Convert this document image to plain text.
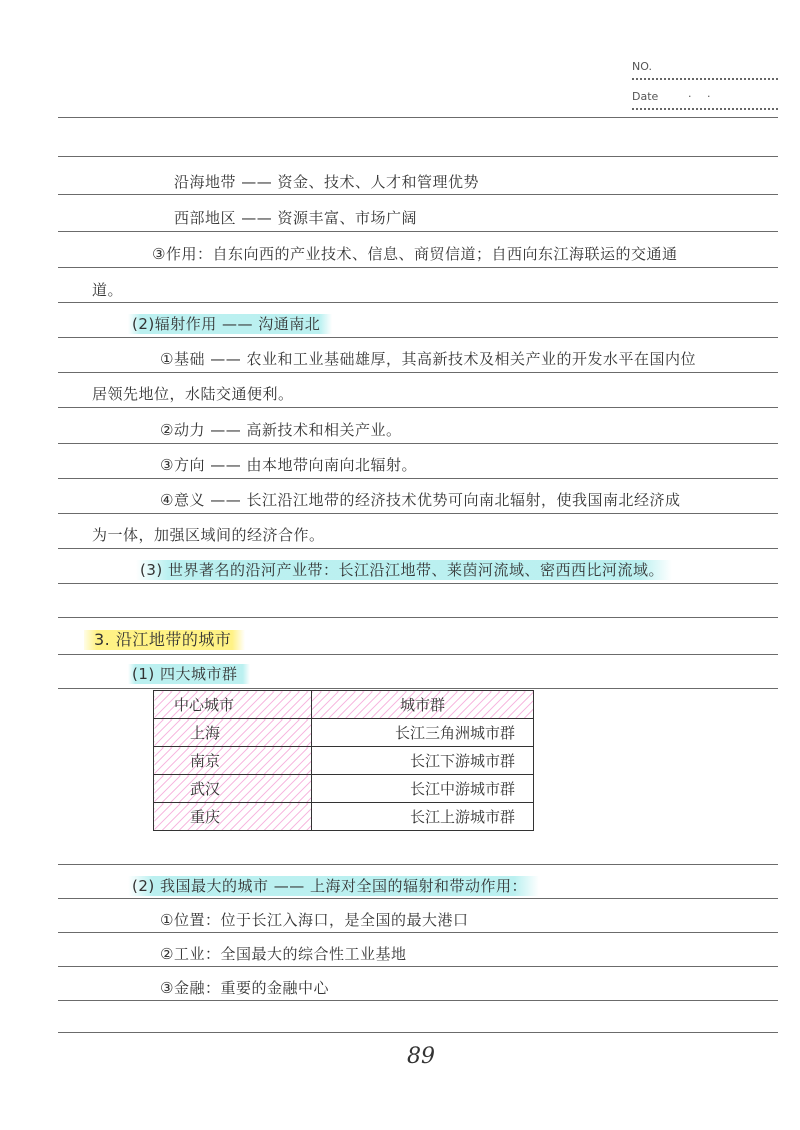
NO.
Date	· ·
沿海地带 —— 资金、技术、人才和管理优势
西部地区 —— 资源丰富、市场广阔
③作用：自东向西的产业技术、信息、商贸信道；自西向东江海联运的交通通
道。
(2)辐射作用 —— 沟通南北
①基础 —— 农业和工业基础雄厚，其高新技术及相关产业的开发水平在国内位
居领先地位，水陆交通便利。
②动力 —— 高新技术和相关产业。
③方向 —— 由本地带向南向北辐射。
④意义 —— 长江沿江地带的经济技术优势可向南北辐射，使我国南北经济成
为一体，加强区域间的经济合作。
(3) 世界著名的沿河产业带：长江沿江地带、莱茵河流域、密西西比河流域。
3. 沿江地带的城市
(1) 四大城市群
中心城市	城市群
上海	长江三角洲城市群
南京	长江下游城市群
武汉	长江中游城市群
重庆	长江上游城市群
(2) 我国最大的城市 —— 上海对全国的辐射和带动作用：
①位置：位于长江入海口，是全国的最大港口
②工业：全国最大的综合性工业基地
③金融：重要的金融中心
89
